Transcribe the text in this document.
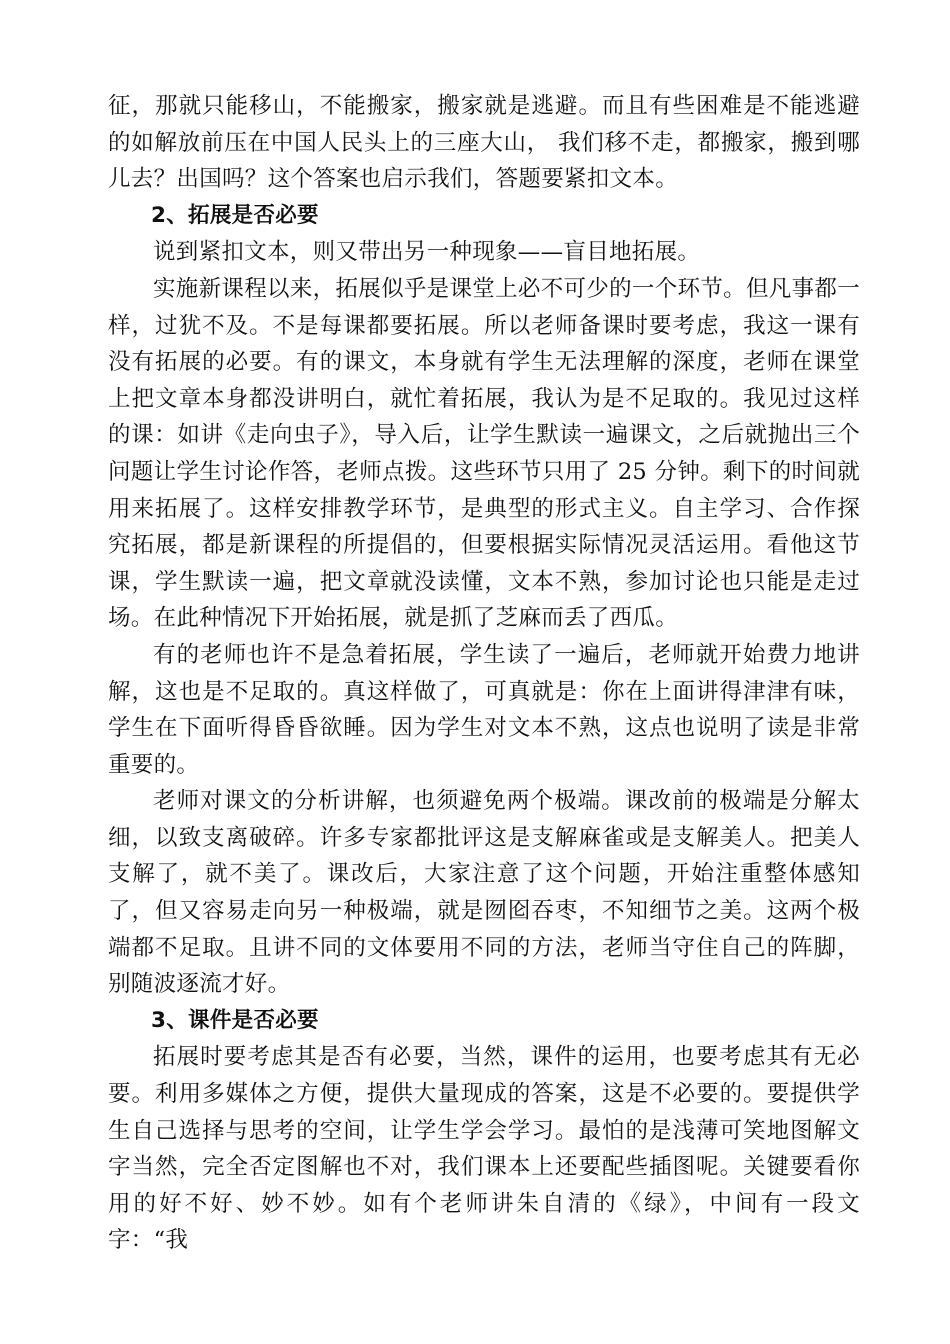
征，那就只能移山，不能搬家，搬家就是逃避。而且有些困难是不能逃避的如解放前压在中国人民头上的三座大山， 我们移不走，都搬家，搬到哪儿去？出国吗？这个答案也启示我们，答题要紧扣文本。

2、拓展是否必要

说到紧扣文本，则又带出另一种现象——盲目地拓展。

实施新课程以来，拓展似乎是课堂上必不可少的一个环节。但凡事都一样，过犹不及。不是每课都要拓展。所以老师备课时要考虑，我这一课有没有拓展的必要。有的课文，本身就有学生无法理解的深度，老师在课堂上把文章本身都没讲明白，就忙着拓展，我认为是不足取的。我见过这样的课：如讲《走向虫子》，导入后，让学生默读一遍课文，之后就抛出三个问题让学生讨论作答，老师点拨。这些环节只用了 25 分钟。剩下的时间就用来拓展了。这样安排教学环节，是典型的形式主义。自主学习、合作探究拓展，都是新课程的所提倡的，但要根据实际情况灵活运用。看他这节课，学生默读一遍，把文章就没读懂，文本不熟，参加讨论也只能是走过场。在此种情况下开始拓展，就是抓了芝麻而丢了西瓜。

有的老师也许不是急着拓展，学生读了一遍后，老师就开始费力地讲解，这也是不足取的。真这样做了，可真就是：你在上面讲得津津有味，学生在下面听得昏昏欲睡。因为学生对文本不熟，这点也说明了读是非常重要的。

老师对课文的分析讲解，也须避免两个极端。课改前的极端是分解太细，以致支离破碎。许多专家都批评这是支解麻雀或是支解美人。把美人支解了，就不美了。课改后，大家注意了这个问题，开始注重整体感知了，但又容易走向另一种极端，就是囫囵吞枣，不知细节之美。这两个极端都不足取。且讲不同的文体要用不同的方法，老师当守住自己的阵脚，别随波逐流才好。

3、课件是否必要

拓展时要考虑其是否有必要，当然，课件的运用，也要考虑其有无必要。利用多媒体之方便，提供大量现成的答案，这是不必要的。要提供学生自己选择与思考的空间，让学生学会学习。最怕的是浅薄可笑地图解文字当然，完全否定图解也不对，我们课本上还要配些插图呢。关键要看你用的好不好、妙不妙。如有个老师讲朱自清的《绿》，中间有一段文字：“我
